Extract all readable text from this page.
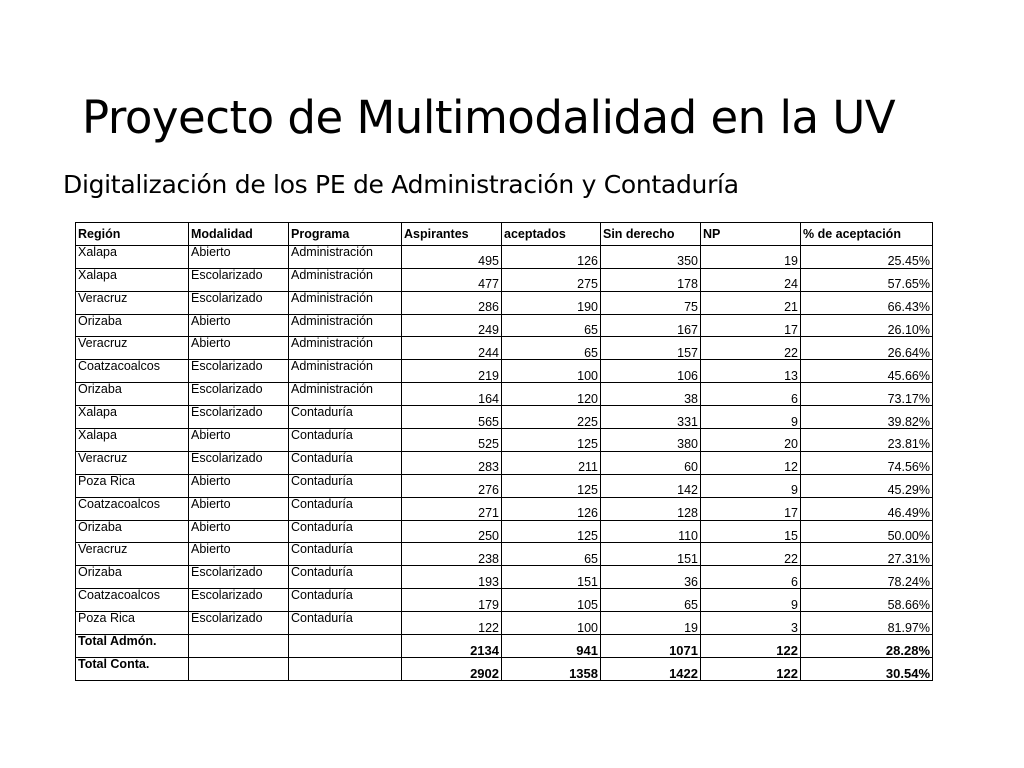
Proyecto de Multimodalidad en la UV
Digitalización de los PE de Administración y Contaduría
Región	Modalidad	Programa	Aspirantes	aceptados	Sin derecho	NP	% de aceptación
Xalapa	Abierto	Administración	495	126	350	19	25.45%
Xalapa	Escolarizado	Administración	477	275	178	24	57.65%
Veracruz	Escolarizado	Administración	286	190	75	21	66.43%
Orizaba	Abierto	Administración	249	65	167	17	26.10%
Veracruz	Abierto	Administración	244	65	157	22	26.64%
Coatzacoalcos	Escolarizado	Administración	219	100	106	13	45.66%
Orizaba	Escolarizado	Administración	164	120	38	6	73.17%
Xalapa	Escolarizado	Contaduría	565	225	331	9	39.82%
Xalapa	Abierto	Contaduría	525	125	380	20	23.81%
Veracruz	Escolarizado	Contaduría	283	211	60	12	74.56%
Poza Rica	Abierto	Contaduría	276	125	142	9	45.29%
Coatzacoalcos	Abierto	Contaduría	271	126	128	17	46.49%
Orizaba	Abierto	Contaduría	250	125	110	15	50.00%
Veracruz	Abierto	Contaduría	238	65	151	22	27.31%
Orizaba	Escolarizado	Contaduría	193	151	36	6	78.24%
Coatzacoalcos	Escolarizado	Contaduría	179	105	65	9	58.66%
Poza Rica	Escolarizado	Contaduría	122	100	19	3	81.97%
Total Admón.			2134	941	1071	122	28.28%
Total Conta.			2902	1358	1422	122	30.54%
